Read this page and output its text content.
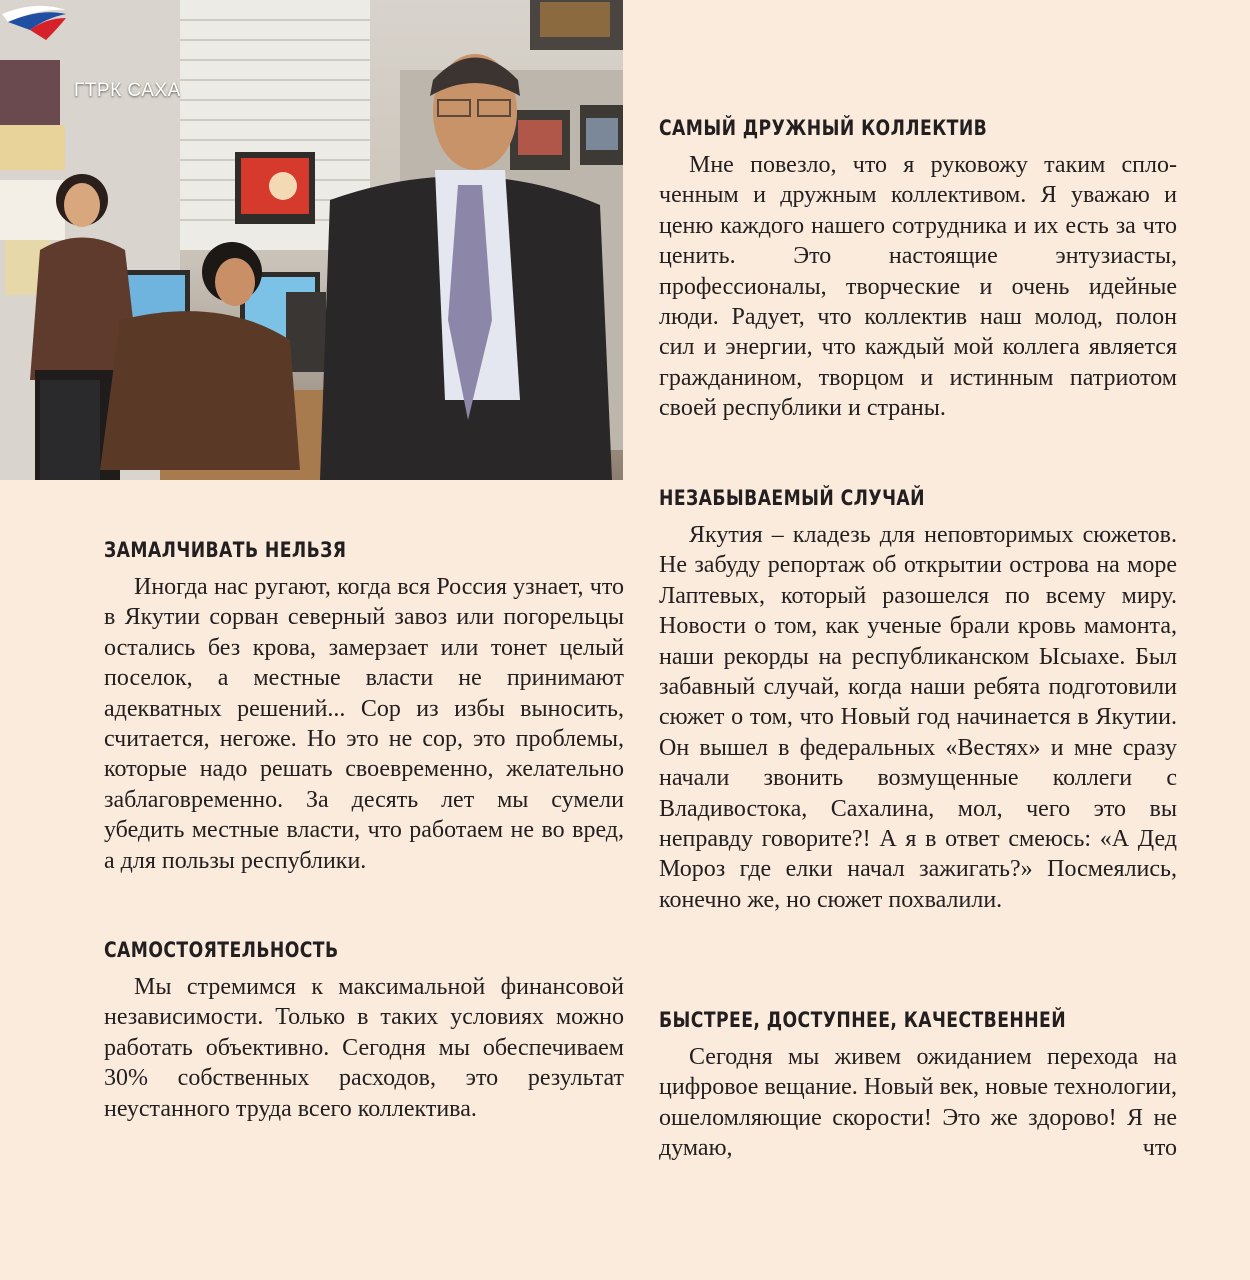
ГТРК САХА
ЗАМАЛЧИВАТЬ НЕЛЬЗЯ

Иногда нас ругают, когда вся Россия узнает, что в Якутии сорван северный завоз или погорельцы остались без крова, замерзает или тонет целый поселок, а местные власти не принимают адекватных решений... Сор из избы выносить, считается, негоже. Но это не сор, это проблемы, которые надо решать своевременно, желательно заблаговременно. За десять лет мы сумели убедить местные власти, что работаем не во вред, а для пользы республики.

САМОСТОЯТЕЛЬНОСТЬ

Мы стремимся к максимальной финансовой независимости. Только в таких условиях можно работать объективно. Сегодня мы обеспечиваем 30% собственных расходов, это результат неустанного труда всего коллектива.

САМЫЙ ДРУЖНЫЙ КОЛЛЕКТИВ

Мне повезло, что я руковожу таким сплоченным и дружным коллективом. Я уважаю и ценю каждого нашего сотрудника и их есть за что ценить. Это настоящие энтузиасты, профессионалы, творческие и очень идейные люди. Радует, что коллектив наш молод, полон сил и энергии, что каждый мой коллега является гражданином, творцом и истинным патриотом своей республики и страны.

НЕЗАБЫВАЕМЫЙ СЛУЧАЙ

Якутия – кладезь для неповторимых сюжетов. Не забуду репортаж об открытии острова на море Лаптевых, который разошелся по всему миру. Новости о том, как ученые брали кровь мамонта, наши рекорды на республиканском Ысыахе. Был забавный случай, когда наши ребята подготовили сюжет о том, что Новый год начинается в Якутии. Он вышел в федеральных «Вестях» и мне сразу начали звонить возмущенные коллеги с Владивостока, Сахалина, мол, чего это вы неправду говорите?! А я в ответ смеюсь: «А Дед Мороз где елки начал зажигать?» Посмеялись, конечно же, но сюжет похвалили.

БЫСТРЕЕ, ДОСТУПНЕЕ, КАЧЕСТВЕННЕЙ

Сегодня мы живем ожиданием перехода на цифровое вещание. Новый век, новые технологии, ошеломляющие скорости! Это же здорово! Я не думаю, что
